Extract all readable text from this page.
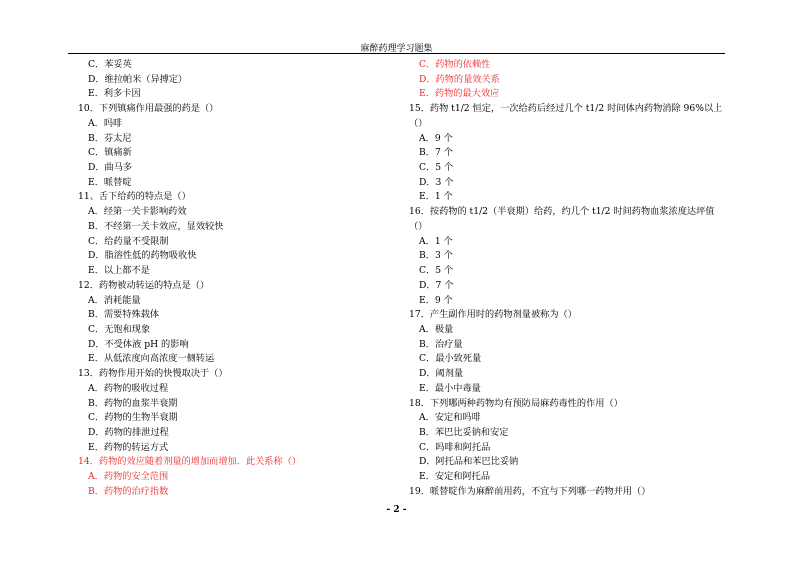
麻醉药理学习题集
C．苯妥英
D．维拉帕米（异搏定）
E．利多卡因
10．下列镇痛作用最强的药是（）
A．吗啡
B．芬太尼
C．镇痛新
D．曲马多
E．哌替啶
11、舌下给药的特点是（）
A．经第一关卡影响药效
B．不经第一关卡效应，显效较快
C．给药量不受限制
D．脂溶性低的药物吸收快
E．以上都不是
12．药物被动转运的特点是（）
A．消耗能量
B．需要特殊载体
C．无饱和现象
D．不受体液 pH 的影响
E．从低浓度向高浓度一侧转运
13．药物作用开始的快慢取决于（）
A．药物的吸收过程
B．药物的血浆半衰期
C．药物的生物半衰期
D．药物的排泄过程
E．药物的转运方式
14．药物的效应随着剂量的增加而增加．此关系称（）
A．药物的安全范围
B．药物的治疗指数
C．药物的依赖性
D．药物的量效关系
E．药物的最大效应
15．药物 t1/2 恒定，一次给药后经过几个 t1/2 时间体内药物消除 96%以上
（）
A．9 个
B．7 个
C．5 个
D．3 个
E．1 个
16．按药物的 t1/2（半衰期）给药，约几个 t1/2 时间药物血浆浓度达坪值
（）
A．1 个
B．3 个
C．5 个
D．7 个
E．9 个
17．产生副作用时的药物剂量被称为（）
A．极量
B．治疗量
C．最小致死量
D．阈剂量
E．最小中毒量
18．下列哪两种药物均有预防局麻药毒性的作用（）
A．安定和吗啡
B．苯巴比妥钠和安定
C．吗啡和阿托品
D．阿托品和苯巴比妥钠
E．安定和阿托品
19．哌替啶作为麻醉前用药，不宜与下列哪一药物并用（）
- 2 -
